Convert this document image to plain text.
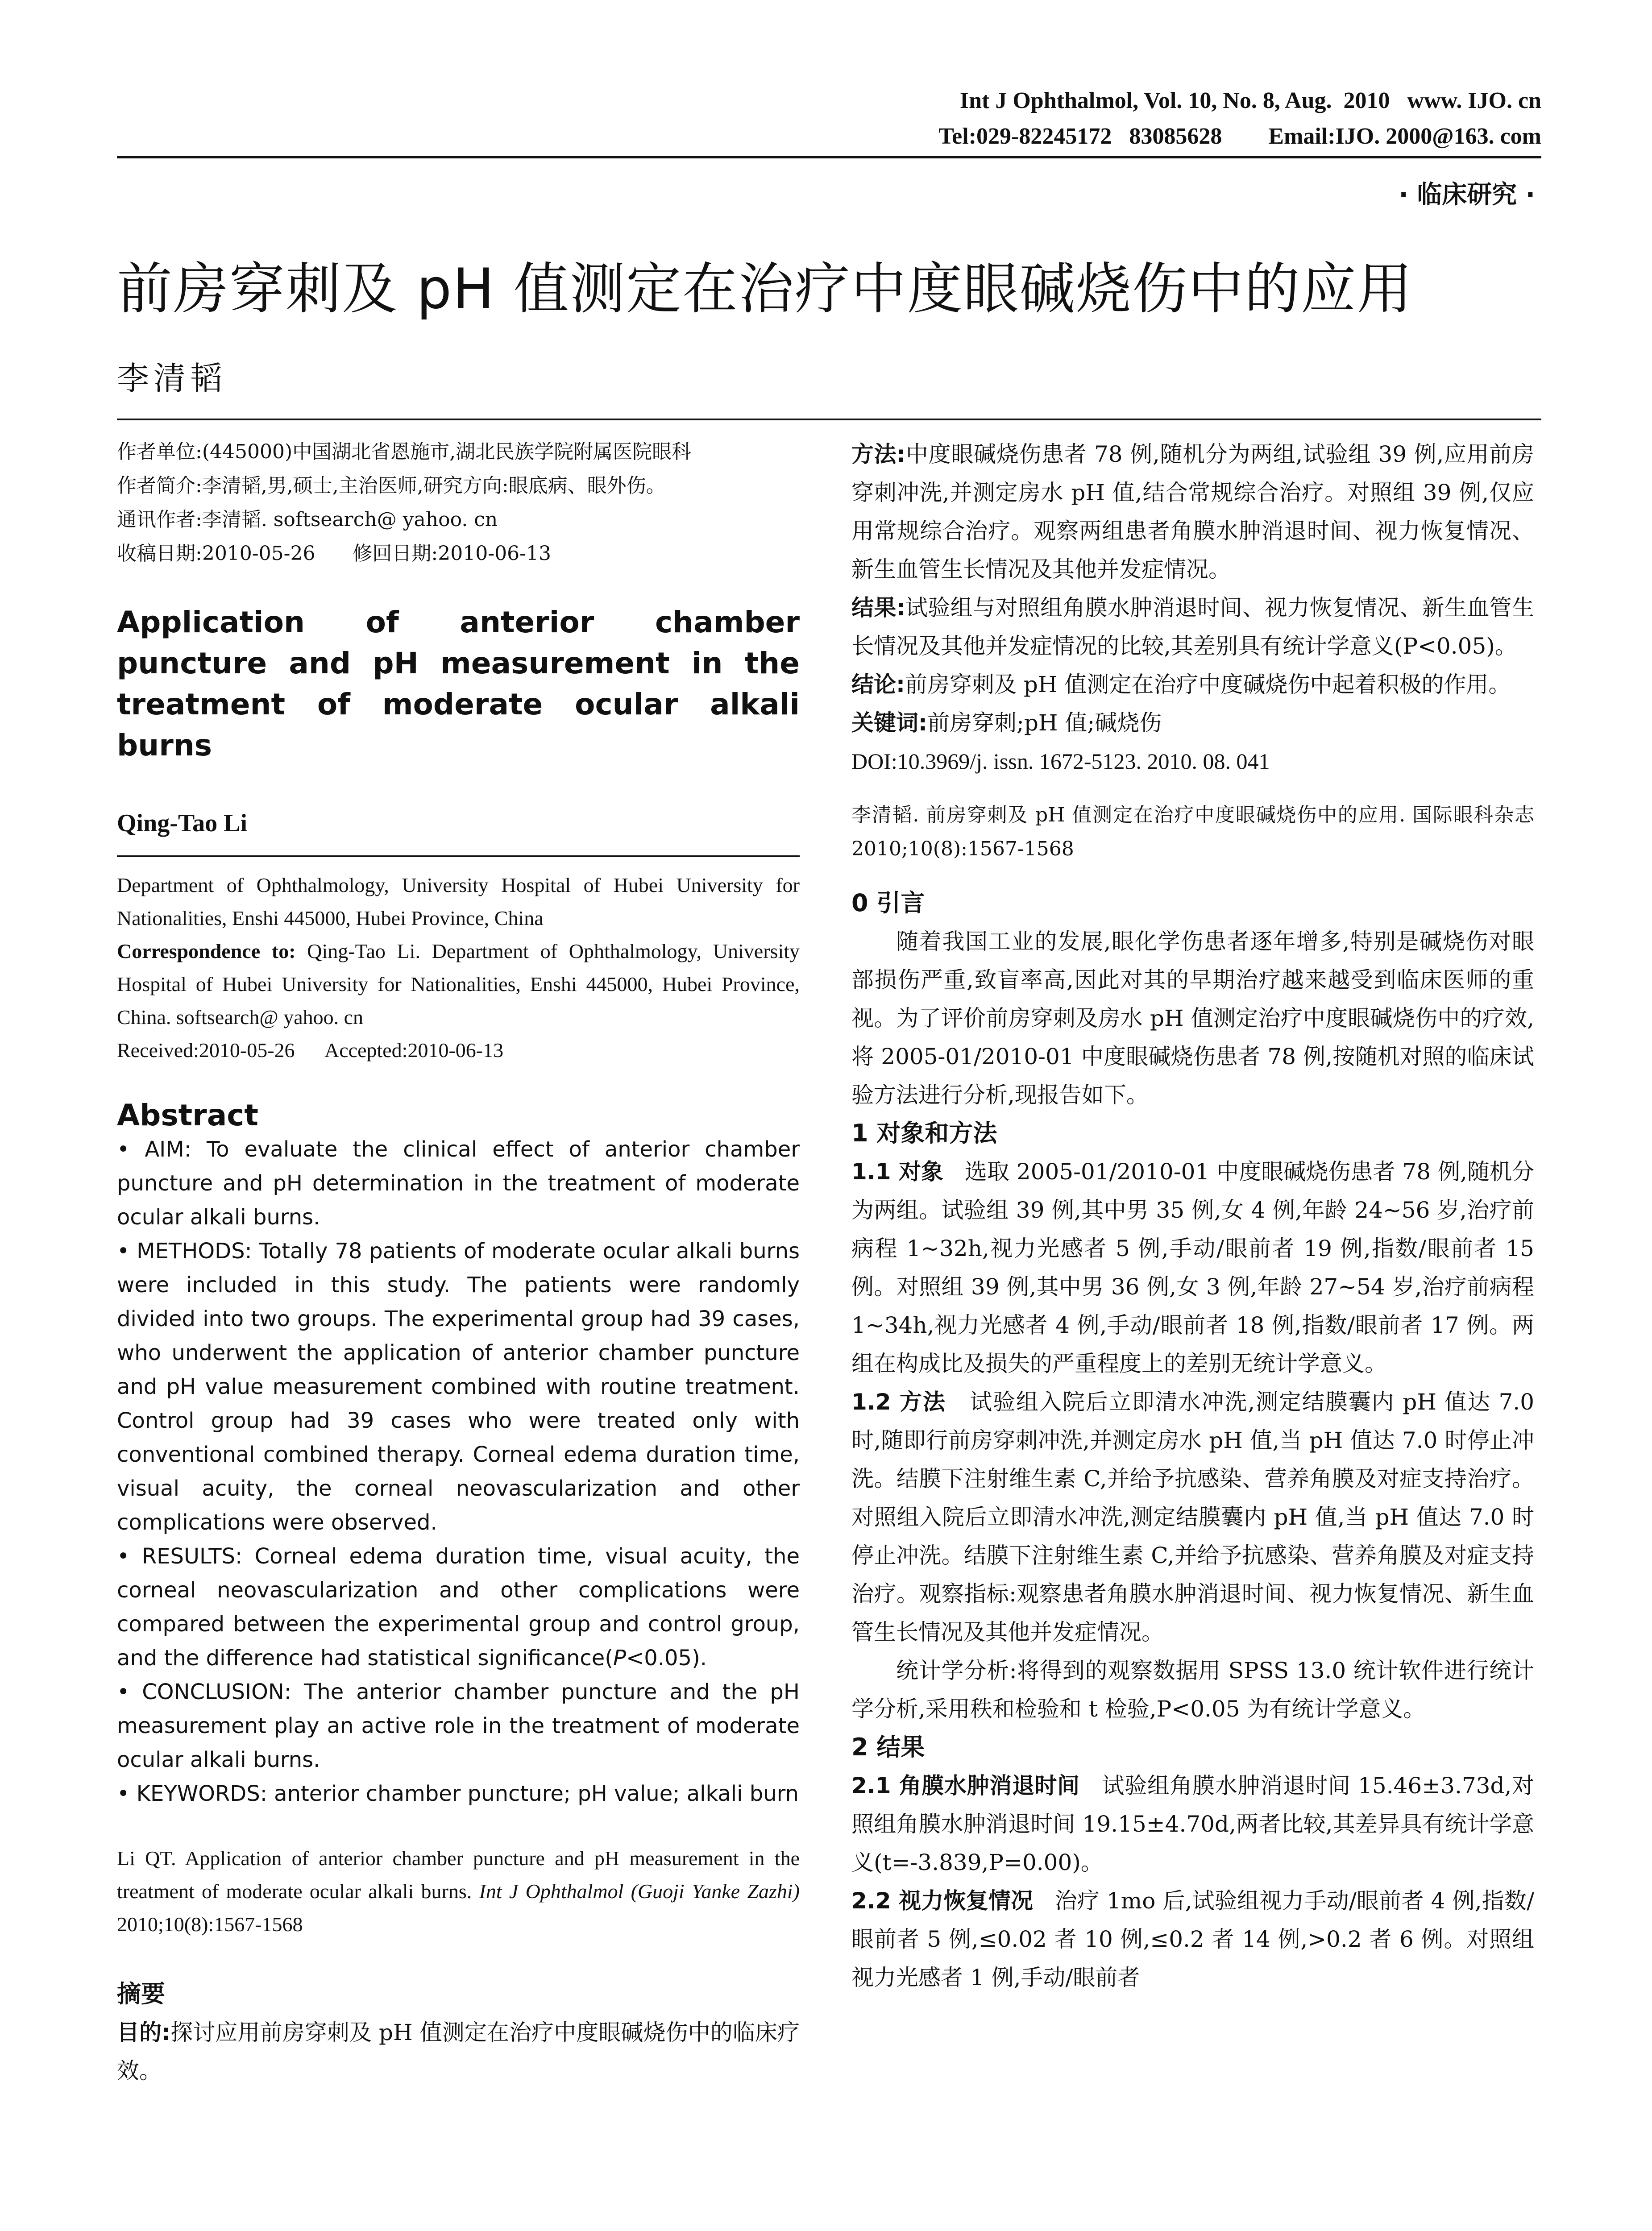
Int J Ophthalmol, Vol. 10, No. 8, Aug.  2010   www. IJO. cn
Tel:029-82245172   83085628        Email:IJO. 2000@163. com
· 临床研究 ·
前房穿刺及 pH 值测定在治疗中度眼碱烧伤中的应用
李清韬

作者单位:(445000)中国湖北省恩施市,湖北民族学院附属医院眼科

作者简介:李清韬,男,硕士,主治医师,研究方向:眼底病、眼外伤。

通讯作者:李清韬. softsearch@ yahoo. cn

收稿日期:2010-05-26      修回日期:2010-06-13

Application of anterior chamber puncture and pH measurement in the treatment of moderate ocular alkali burns

Qing-Tao Li

Department of Ophthalmology, University Hospital of Hubei University for Nationalities, Enshi 445000, Hubei Province, China

Correspondence to: Qing-Tao Li. Department of Ophthalmology, University Hospital of Hubei University for Nationalities, Enshi 445000, Hubei Province, China. softsearch@ yahoo. cn

Received:2010-05-26      Accepted:2010-06-13

Abstract

• AIM: To evaluate the clinical effect of anterior chamber puncture and pH determination in the treatment of moderate ocular alkali burns.

• METHODS: Totally 78 patients of moderate ocular alkali burns were included in this study. The patients were randomly divided into two groups. The experimental group had 39 cases, who underwent the application of anterior chamber puncture and pH value measurement combined with routine treatment. Control group had 39 cases who were treated only with conventional combined therapy. Corneal edema duration time, visual acuity, the corneal neovascularization and other complications were observed.

• RESULTS: Corneal edema duration time, visual acuity, the corneal neovascularization and other complications were compared between the experimental group and control group, and the difference had statistical significance(P<0.05).

• CONCLUSION: The anterior chamber puncture and the pH measurement play an active role in the treatment of moderate ocular alkali burns.

• KEYWORDS: anterior chamber puncture; pH value; alkali burn

Li QT. Application of anterior chamber puncture and pH measurement in the treatment of moderate ocular alkali burns. Int J Ophthalmol (Guoji Yanke Zazhi) 2010;10(8):1567-1568

摘要

目的:探讨应用前房穿刺及 pH 值测定在治疗中度眼碱烧伤中的临床疗效。

方法:中度眼碱烧伤患者 78 例,随机分为两组,试验组 39 例,应用前房穿刺冲洗,并测定房水 pH 值,结合常规综合治疗。对照组 39 例,仅应用常规综合治疗。观察两组患者角膜水肿消退时间、视力恢复情况、新生血管生长情况及其他并发症情况。

结果:试验组与对照组角膜水肿消退时间、视力恢复情况、新生血管生长情况及其他并发症情况的比较,其差别具有统计学意义(P<0.05)。

结论:前房穿刺及 pH 值测定在治疗中度碱烧伤中起着积极的作用。

关键词:前房穿刺;pH 值;碱烧伤

DOI:10.3969/j. issn. 1672-5123. 2010. 08. 041

李清韬. 前房穿刺及 pH 值测定在治疗中度眼碱烧伤中的应用. 国际眼科杂志 2010;10(8):1567-1568

0 引言

随着我国工业的发展,眼化学伤患者逐年增多,特别是碱烧伤对眼部损伤严重,致盲率高,因此对其的早期治疗越来越受到临床医师的重视。为了评价前房穿刺及房水 pH 值测定治疗中度眼碱烧伤中的疗效,将 2005-01/2010-01 中度眼碱烧伤患者 78 例,按随机对照的临床试验方法进行分析,现报告如下。

1 对象和方法

1.1 对象 选取 2005-01/2010-01 中度眼碱烧伤患者 78 例,随机分为两组。试验组 39 例,其中男 35 例,女 4 例,年龄 24~56 岁,治疗前病程 1~32h,视力光感者 5 例,手动/眼前者 19 例,指数/眼前者 15 例。对照组 39 例,其中男 36 例,女 3 例,年龄 27~54 岁,治疗前病程 1~34h,视力光感者 4 例,手动/眼前者 18 例,指数/眼前者 17 例。两组在构成比及损失的严重程度上的差别无统计学意义。

1.2 方法 试验组入院后立即清水冲洗,测定结膜囊内 pH 值达 7.0 时,随即行前房穿刺冲洗,并测定房水 pH 值,当 pH 值达 7.0 时停止冲洗。结膜下注射维生素 C,并给予抗感染、营养角膜及对症支持治疗。对照组入院后立即清水冲洗,测定结膜囊内 pH 值,当 pH 值达 7.0 时停止冲洗。结膜下注射维生素 C,并给予抗感染、营养角膜及对症支持治疗。观察指标:观察患者角膜水肿消退时间、视力恢复情况、新生血管生长情况及其他并发症情况。

统计学分析:将得到的观察数据用 SPSS 13.0 统计软件进行统计学分析,采用秩和检验和 t 检验,P<0.05 为有统计学意义。

2 结果

2.1 角膜水肿消退时间 试验组角膜水肿消退时间 15.46±3.73d,对照组角膜水肿消退时间 19.15±4.70d,两者比较,其差异具有统计学意义(t=-3.839,P=0.00)。

2.2 视力恢复情况 治疗 1mo 后,试验组视力手动/眼前者 4 例,指数/眼前者 5 例,≤0.02 者 10 例,≤0.2 者 14 例,>0.2 者 6 例。对照组视力光感者 1 例,手动/眼前者
